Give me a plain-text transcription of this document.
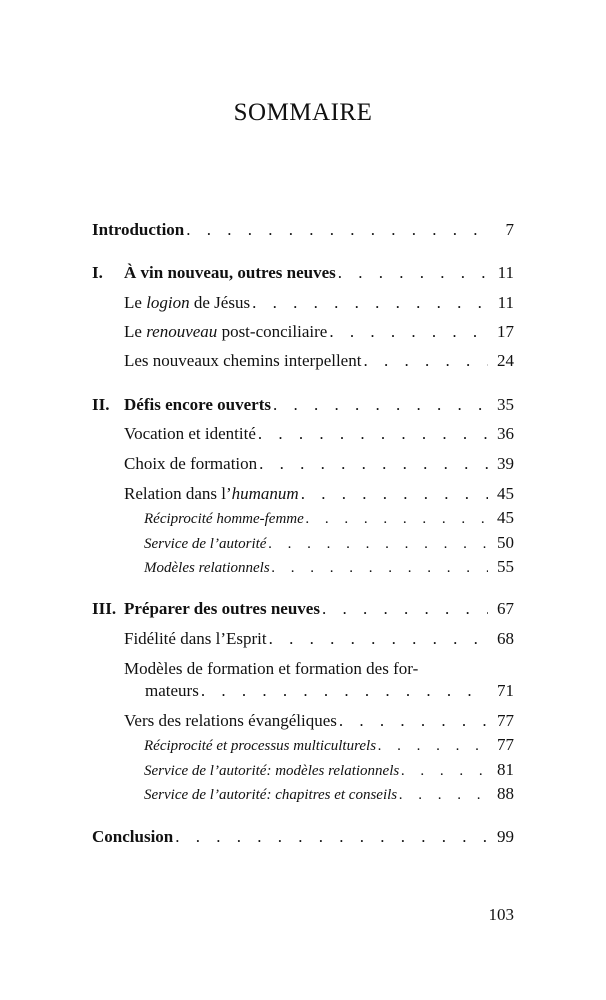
SOMMAIRE
Introduction . . .	7
I. À vin nouveau, outres neuves . . .	11
Le logion de Jésus . . .	11
Le renouveau post-conciliaire . . .	17
Les nouveaux chemins interpellent . . .	24
II. Défis encore ouverts . . .	35
Vocation et identité . . .	36
Choix de formation . . .	39
Relation dans l’humanum . . .	45
Réciprocité homme-femme . . .	45
Service de l’autorité . . .	50
Modèles relationnels . . .	55
III. Préparer des outres neuves . . .	67
Fidélité dans l’Esprit . . .	68
Modèles de formation et formation des for-
mateurs . . .	71
Vers des relations évangéliques . . .	77
Réciprocité et processus multiculturels . . .	77
Service de l’autorité: modèles relationnels . . .	81
Service de l’autorité: chapitres et conseils . . .	88
Conclusion . . .	99
103
